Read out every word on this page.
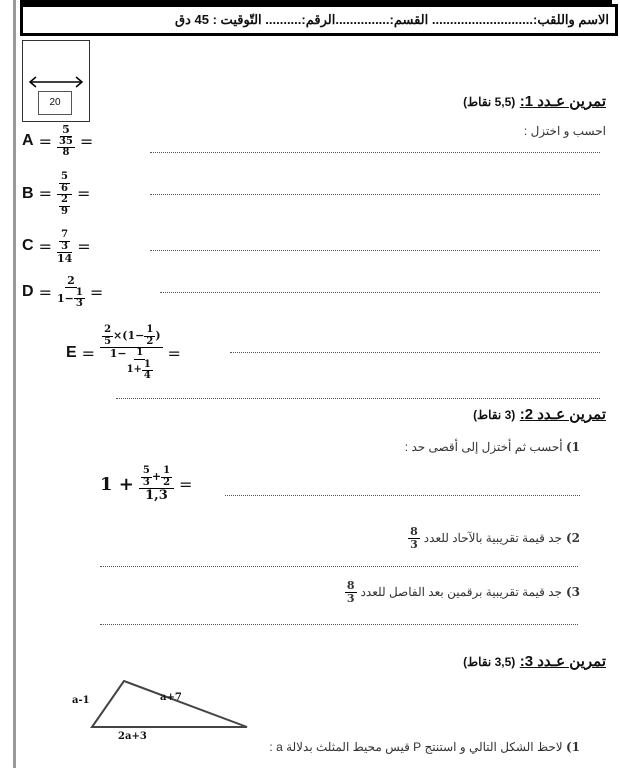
الاسم واللقب:............................ القسم:...............الرقم:.......... التّوقيت : 45 دق
20	تمرين عـدد 1: (5,5 نقاط)
احسب و اختزل :
$A = \frac{5}{\frac{35}{8}}$ =
$B = \frac{5}{6}$
2
9 =
$C = \frac{\frac{7}{3}}{14}$ =
$D = \frac{2}{1- \frac{1}{3}}$ =
$E = \frac{\frac{2}{5} \times(1- \frac{1}{2} )}{1- \frac{1}{1+ \frac{1}{4}}}$ =
تمرين عـدد 2: (3 نقاط)
1) أحسب ثم أختزل إلى أقصى حد :
1 +
5
$3 + \frac{1}{2}$
1,3
=
2)
جد قيمة تقريبية بالآحاد للعدد
$\frac{8}{3}$
3)
جد قيمة تقريبية برقمين بعد الفاصل للعدد
$\frac{8}{3}$
تمرين عـدد 3: (3,5 نقاط)
a-1	a+7
2a+3
1) لاحظ الشكل التالي و استنتج P قيس محيط المثلث بدلالة a :
